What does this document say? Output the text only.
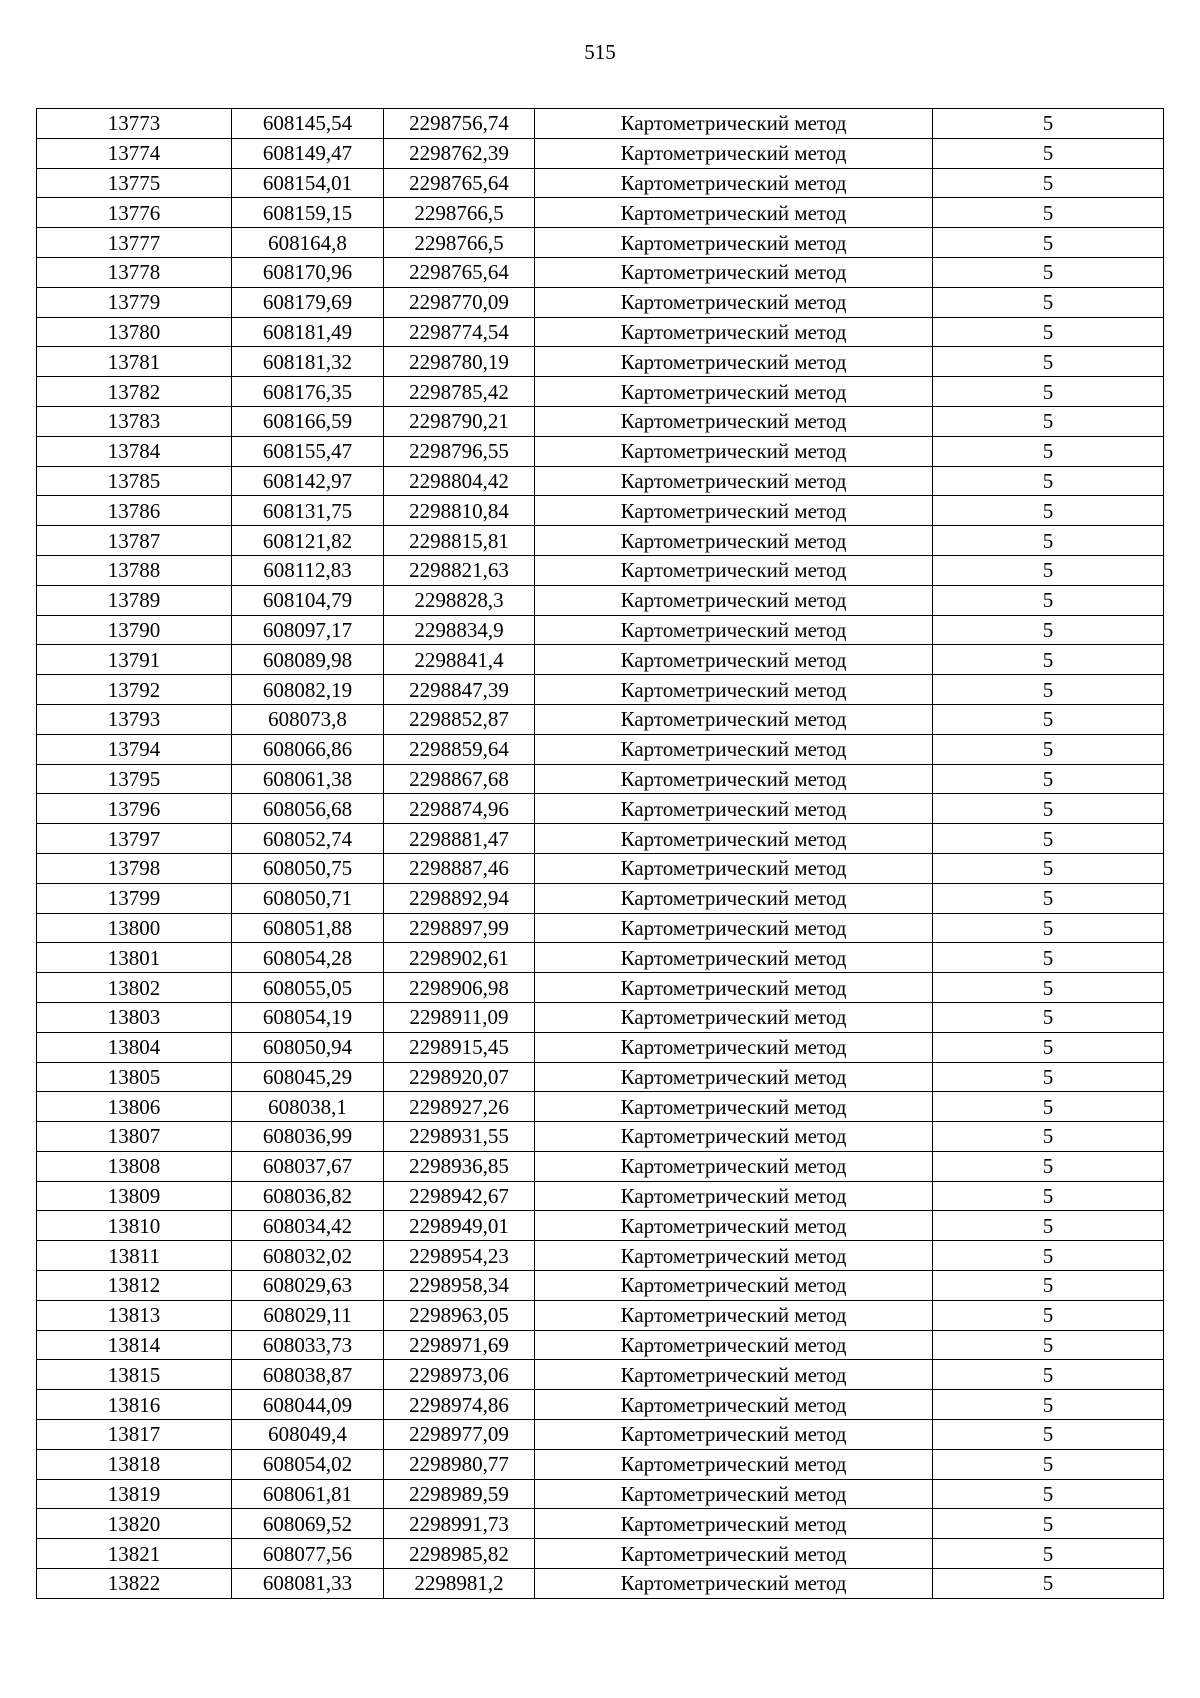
515
13773	608145,54	2298756,74	Картометрический метод	5
13774	608149,47	2298762,39	Картометрический метод	5
13775	608154,01	2298765,64	Картометрический метод	5
13776	608159,15	2298766,5	Картометрический метод	5
13777	608164,8	2298766,5	Картометрический метод	5
13778	608170,96	2298765,64	Картометрический метод	5
13779	608179,69	2298770,09	Картометрический метод	5
13780	608181,49	2298774,54	Картометрический метод	5
13781	608181,32	2298780,19	Картометрический метод	5
13782	608176,35	2298785,42	Картометрический метод	5
13783	608166,59	2298790,21	Картометрический метод	5
13784	608155,47	2298796,55	Картометрический метод	5
13785	608142,97	2298804,42	Картометрический метод	5
13786	608131,75	2298810,84	Картометрический метод	5
13787	608121,82	2298815,81	Картометрический метод	5
13788	608112,83	2298821,63	Картометрический метод	5
13789	608104,79	2298828,3	Картометрический метод	5
13790	608097,17	2298834,9	Картометрический метод	5
13791	608089,98	2298841,4	Картометрический метод	5
13792	608082,19	2298847,39	Картометрический метод	5
13793	608073,8	2298852,87	Картометрический метод	5
13794	608066,86	2298859,64	Картометрический метод	5
13795	608061,38	2298867,68	Картометрический метод	5
13796	608056,68	2298874,96	Картометрический метод	5
13797	608052,74	2298881,47	Картометрический метод	5
13798	608050,75	2298887,46	Картометрический метод	5
13799	608050,71	2298892,94	Картометрический метод	5
13800	608051,88	2298897,99	Картометрический метод	5
13801	608054,28	2298902,61	Картометрический метод	5
13802	608055,05	2298906,98	Картометрический метод	5
13803	608054,19	2298911,09	Картометрический метод	5
13804	608050,94	2298915,45	Картометрический метод	5
13805	608045,29	2298920,07	Картометрический метод	5
13806	608038,1	2298927,26	Картометрический метод	5
13807	608036,99	2298931,55	Картометрический метод	5
13808	608037,67	2298936,85	Картометрический метод	5
13809	608036,82	2298942,67	Картометрический метод	5
13810	608034,42	2298949,01	Картометрический метод	5
13811	608032,02	2298954,23	Картометрический метод	5
13812	608029,63	2298958,34	Картометрический метод	5
13813	608029,11	2298963,05	Картометрический метод	5
13814	608033,73	2298971,69	Картометрический метод	5
13815	608038,87	2298973,06	Картометрический метод	5
13816	608044,09	2298974,86	Картометрический метод	5
13817	608049,4	2298977,09	Картометрический метод	5
13818	608054,02	2298980,77	Картометрический метод	5
13819	608061,81	2298989,59	Картометрический метод	5
13820	608069,52	2298991,73	Картометрический метод	5
13821	608077,56	2298985,82	Картометрический метод	5
13822	608081,33	2298981,2	Картометрический метод	5
